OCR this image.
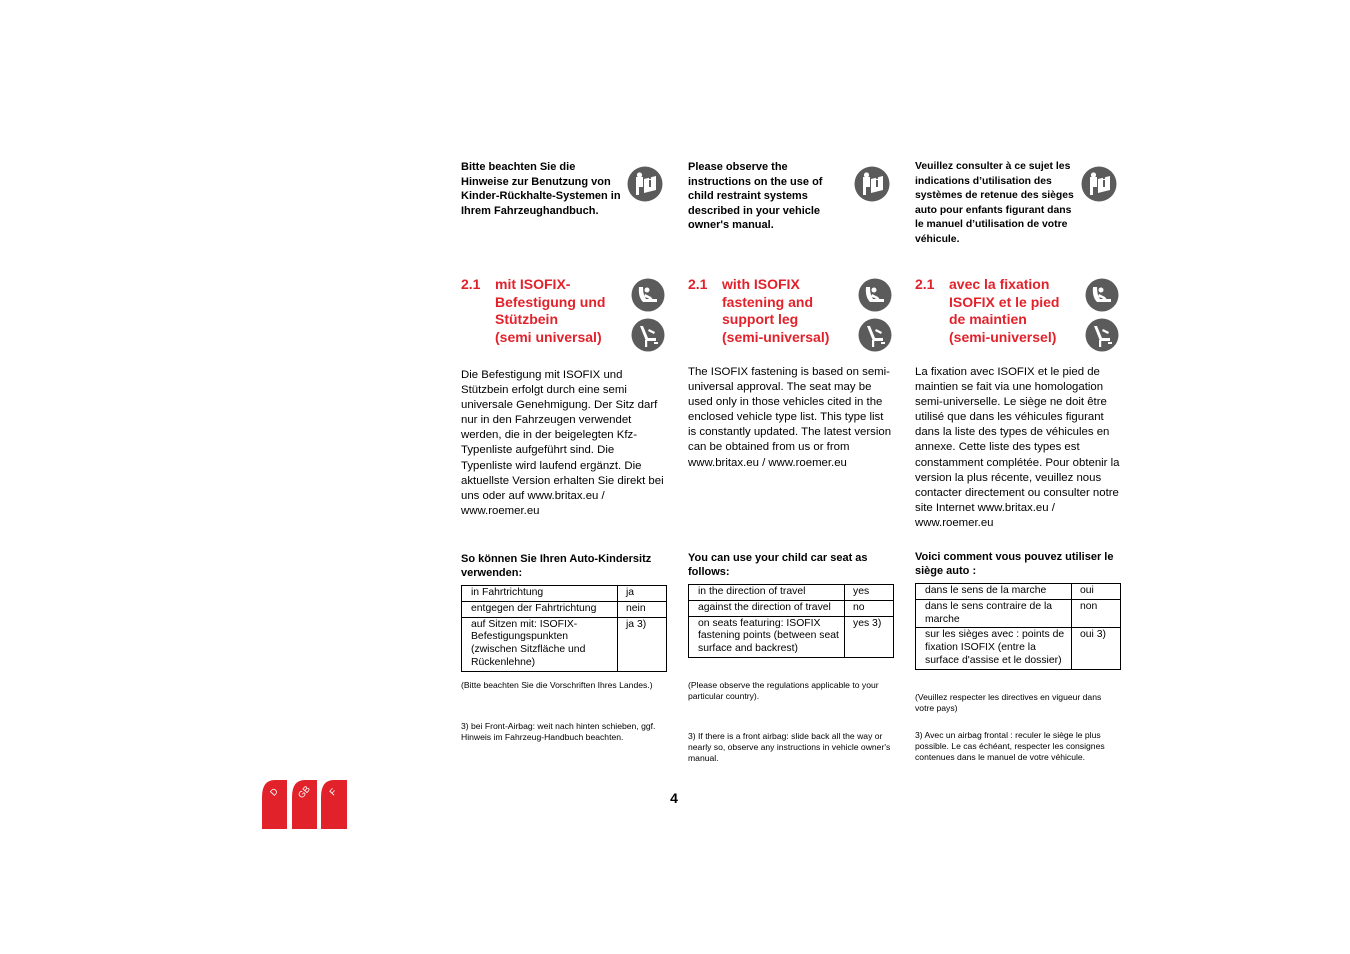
Bitte beachten Sie die Hinweise zur Benutzung von Kinder-Rückhalte-Systemen in Ihrem Fahrzeughandbuch.
2.1 mit ISOFIX-
Befestigung und
Stützbein
(semi universal)
Die Befestigung mit ISOFIX und Stützbein erfolgt durch eine semi universale Genehmigung. Der Sitz darf nur in den Fahrzeugen verwendet werden, die in der beigelegten Kfz-Typenliste aufgeführt sind. Die Typenliste wird laufend ergänzt. Die aktuellste Version erhalten Sie direkt bei uns oder auf www.britax.eu / www.roemer.eu
So können Sie Ihren Auto-Kindersitz verwenden:
in Fahrtrichtung	ja
entgegen der Fahrtrichtung	nein
auf Sitzen mit: ISOFIX-Befestigungspunkten (zwischen Sitzfläche und Rückenlehne)	ja 3)
(Bitte beachten Sie die Vorschriften Ihres Landes.)
3) bei Front-Airbag: weit nach hinten schieben, ggf. Hinweis im Fahrzeug-Handbuch beachten.
Please observe the instructions on the use of child restraint systems described in your vehicle owner's manual.
2.1 with ISOFIX
fastening and
support leg
(semi-universal)
The ISOFIX fastening is based on semi-universal approval. The seat may be used only in those vehicles cited in the enclosed vehicle type list. This type list is constantly updated. The latest version can be obtained from us or from www.britax.eu / www.roemer.eu
You can use your child car seat as follows:
in the direction of travel	yes
against the direction of travel	no
on seats featuring: ISOFIX fastening points (between seat surface and backrest)	yes 3)
(Please observe the regulations applicable to your particular country).
3) If there is a front airbag: slide back all the way or nearly so, observe any instructions in vehicle owner's manual.
Veuillez consulter à ce sujet les indications d’utilisation des systèmes de retenue des sièges auto pour enfants figurant dans le manuel d’utilisation de votre véhicule.
2.1 avec la fixation
ISOFIX et le pied
de maintien
(semi-universel)
La fixation avec ISOFIX et le pied de maintien se fait via une homologation semi-universelle. Le siège ne doit être utilisé que dans les véhicules figurant dans la liste des types de véhicules en annexe. Cette liste des types est constamment complétée. Pour obtenir la version la plus récente, veuillez nous contacter directement ou consulter notre site Internet www.britax.eu / www.roemer.eu
Voici comment vous pouvez utiliser le siège auto :
dans le sens de la marche	oui
dans le sens contraire de la marche	non
sur les sièges avec : points de fixation ISOFIX (entre la surface d'assise et le dossier)	oui 3)
(Veuillez respecter les directives en vigueur dans votre pays)
3) Avec un airbag frontal : reculer le siège le plus possible. Le cas échéant, respecter les consignes contenues dans le manuel de votre véhicule.
4
D GB F
